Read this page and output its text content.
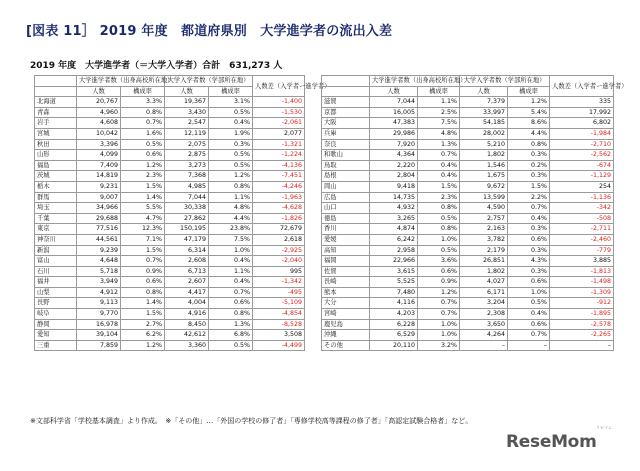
[図表 11］ 2019 年度　都道府県別　大学進学者の流出入差
2019 年度　大学進学者（＝大学入学者）合計　631,273 人
	大学進学者数（出身高校所在地）		大学入学者数（学部所在地）		人数差（入学者ー進学者）
	人数	構成率	人数	構成率	
北海道	20,767	3.3%	19,367	3.1%	-1,400
青森	4,960	0.8%	3,430	0.5%	-1,530
岩手	4,608	0.7%	2,547	0.4%	-2,061
宮城	10,042	1.6%	12,119	1.9%	2,077
秋田	3,396	0.5%	2,075	0.3%	-1,321
山形	4,099	0.6%	2,875	0.5%	-1,224
福島	7,409	1.2%	3,273	0.5%	-4,136
茨城	14,819	2.3%	7,368	1.2%	-7,451
栃木	9,231	1.5%	4,985	0.8%	-4,246
群馬	9,007	1.4%	7,044	1.1%	-1,963
埼玉	34,966	5.5%	30,338	4.8%	-4,628
千葉	29,688	4.7%	27,862	4.4%	-1,826
東京	77,516	12.3%	150,195	23.8%	72,679
神奈川	44,561	7.1%	47,179	7.5%	2,618
新潟	9,239	1.5%	6,314	1.0%	-2,925
富山	4,648	0.7%	2,608	0.4%	-2,040
石川	5,718	0.9%	6,713	1.1%	995
福井	3,949	0.6%	2,607	0.4%	-1,342
山梨	4,912	0.8%	4,417	0.7%	-495
長野	9,113	1.4%	4,004	0.6%	-5,109
岐阜	9,770	1.5%	4,916	0.8%	-4,854
静岡	16,978	2.7%	8,450	1.3%	-8,528
愛知	39,104	6.2%	42,612	6.8%	3,508
三重	7,859	1.2%	3,360	0.5%	-4,499
	大学進学者数（出身高校所在地）		大学入学者数（学部所在地）		人数差（入学者ー進学者）
	人数	構成率	人数	構成率	
滋賀	7,044	1.1%	7,379	1.2%	335
京都	16,005	2.5%	33,997	5.4%	17,992
大阪	47,383	7.5%	54,185	8.6%	6,802
兵庫	29,986	4.8%	28,002	4.4%	-1,984
奈良	7,920	1.3%	5,210	0.8%	-2,710
和歌山	4,364	0.7%	1,802	0.3%	-2,562
鳥取	2,220	0.4%	1,546	0.2%	-674
島根	2,804	0.4%	1,675	0.3%	-1,129
岡山	9,418	1.5%	9,672	1.5%	254
広島	14,735	2.3%	13,599	2.2%	-1,136
山口	4,932	0.8%	4,590	0.7%	-342
徳島	3,265	0.5%	2,757	0.4%	-508
香川	4,874	0.8%	2,163	0.3%	-2,711
愛媛	6,242	1.0%	3,782	0.6%	-2,460
高知	2,958	0.5%	2,179	0.3%	-779
福岡	22,966	3.6%	26,851	4.3%	3,885
佐賀	3,615	0.6%	1,802	0.3%	-1,813
長崎	5,525	0.9%	4,027	0.6%	-1,498
熊本	7,480	1.2%	6,171	1.0%	-1,309
大分	4,116	0.7%	3,204	0.5%	-912
宮崎	4,203	0.7%	2,308	0.4%	-1,895
鹿児島	6,228	1.0%	3,650	0.6%	-2,578
沖縄	6,529	1.0%	4,264	0.7%	-2,265
その他	20,110	3.2%	–	–	–
※文部科学省「学校基本調査」より作成。　※「その他」…「外国の学校の修了者」「専修学校高等課程の修了者」「高認定試験合格者」など。
リセマム
ReseMom
